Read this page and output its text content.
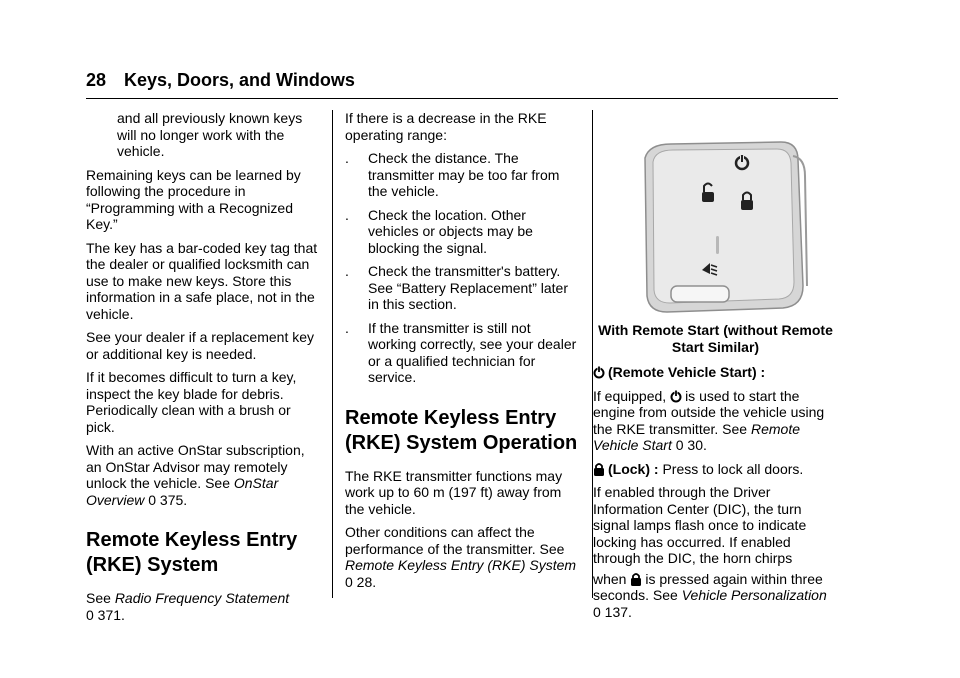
28 Keys, Doors, and Windows

and all previously known keys will no longer work with the vehicle.

Remaining keys can be learned by following the procedure in “Programming with a Recognized Key.”

The key has a bar-coded key tag that the dealer or qualified locksmith can use to make new keys. Store this information in a safe place, not in the vehicle.

See your dealer if a replacement key or additional key is needed.

If it becomes difficult to turn a key, inspect the key blade for debris. Periodically clean with a brush or pick.

With an active OnStar subscription, an OnStar Advisor may remotely unlock the vehicle. See OnStar Overview 0 375.

Remote Keyless Entry (RKE) System

See Radio Frequency Statement
0 371.

If there is a decrease in the RKE operating range:

. Check the distance. The transmitter may be too far from the vehicle.
. Check the location. Other vehicles or objects may be blocking the signal.
. Check the transmitter's battery. See “Battery Replacement” later in this section.
. If the transmitter is still not working correctly, see your dealer or a qualified technician for service.
Remote Keyless Entry (RKE) System Operation

The RKE transmitter functions may work up to 60 m (197 ft) away from the vehicle.

Other conditions can affect the performance of the transmitter. See Remote Keyless Entry (RKE) System 0 28.

With Remote Start (without Remote Start Similar)

(Remote Vehicle Start) :

If equipped, is used to start the engine from outside the vehicle using the RKE transmitter. See Remote Vehicle Start 0 30.

(Lock) : Press to lock all doors.

If enabled through the Driver Information Center (DIC), the turn signal lamps flash once to indicate locking has occurred. If enabled through the DIC, the horn chirps

when is pressed again within three seconds. See Vehicle Personalization 0 137.
